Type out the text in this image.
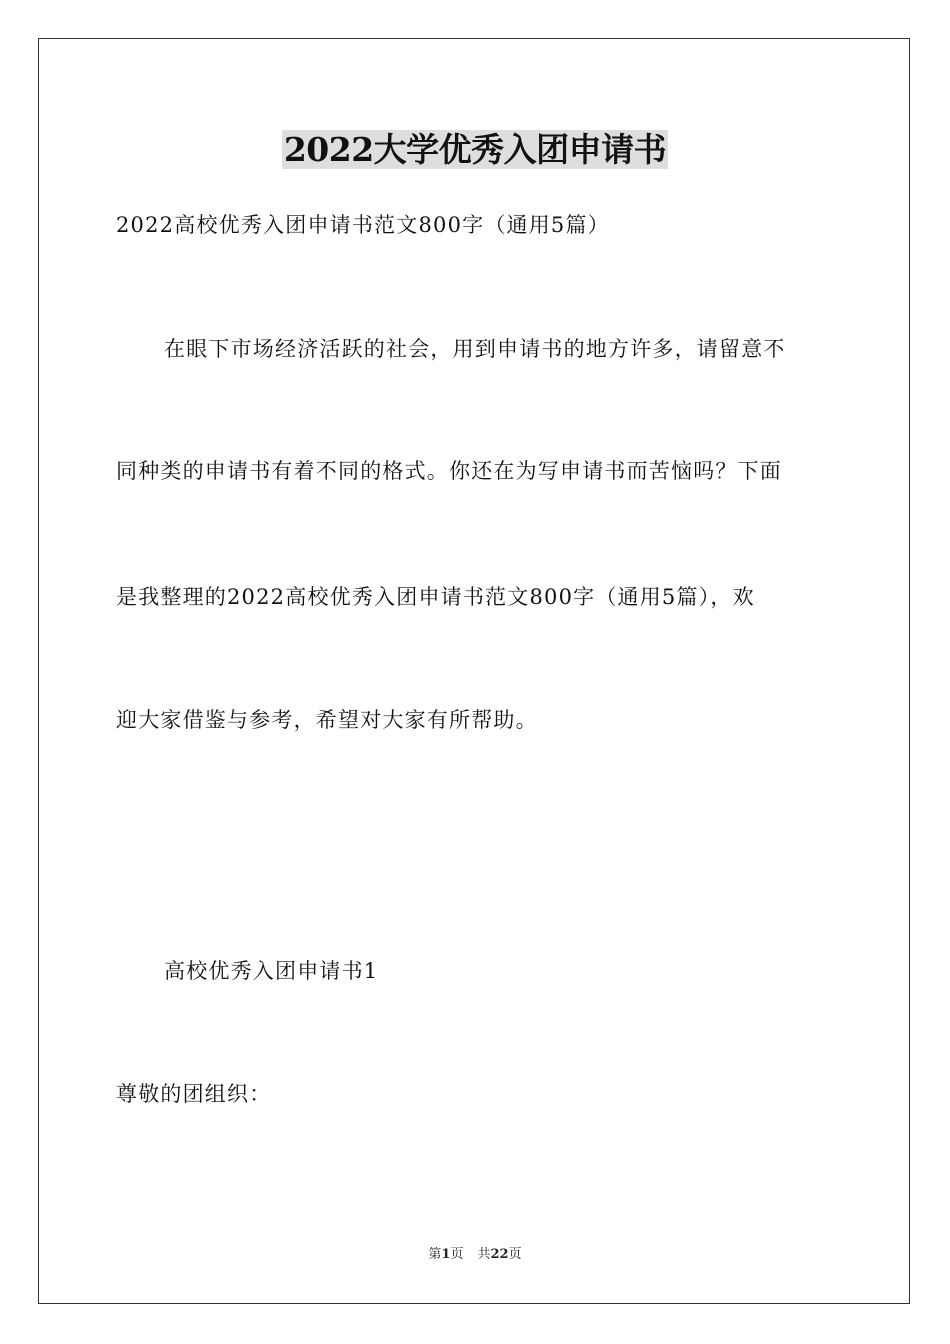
2022大学优秀入团申请书
2022高校优秀入团申请书范文800字（通用5篇）
在眼下市场经济活跃的社会，用到申请书的地方许多，请留意不
同种类的申请书有着不同的格式。你还在为写申请书而苦恼吗？下面
是我整理的2022高校优秀入团申请书范文800字（通用5篇），欢
迎大家借鉴与参考，希望对大家有所帮助。
高校优秀入团申请书1
尊敬的团组织：
第1页 共22页
